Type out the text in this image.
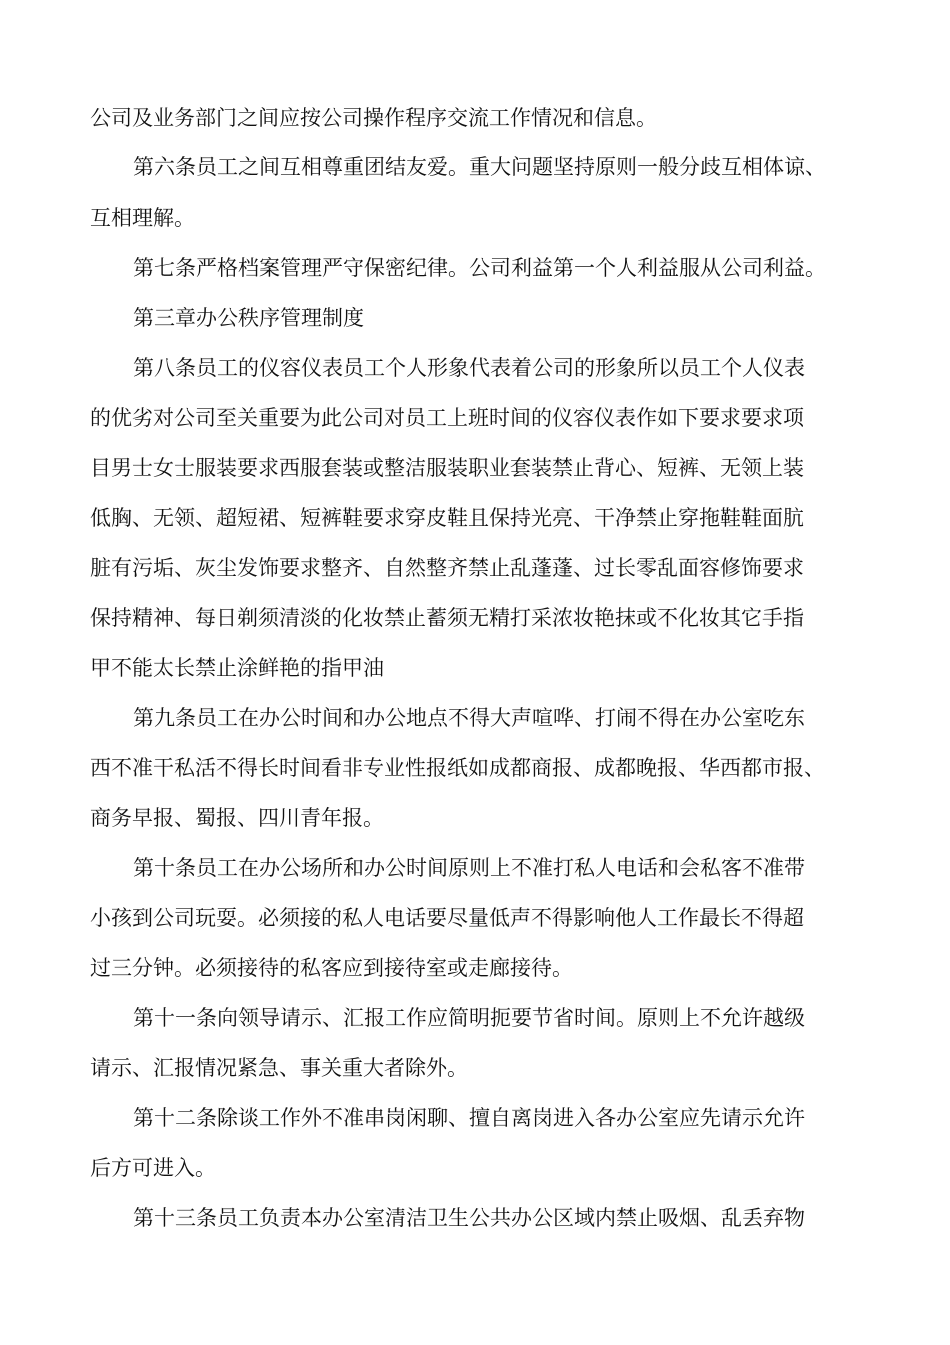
公司及业务部门之间应按公司操作程序交流工作情况和信息。
第六条员工之间互相尊重团结友爱。重大问题坚持原则一般分歧互相体谅、
互相理解。
第七条严格档案管理严守保密纪律。公司利益第一个人利益服从公司利益。
第三章办公秩序管理制度
第八条员工的仪容仪表员工个人形象代表着公司的形象所以员工个人仪表
的优劣对公司至关重要为此公司对员工上班时间的仪容仪表作如下要求要求项
目男士女士服装要求西服套装或整洁服装职业套装禁止背心、短裤、无领上装
低胸、无领、超短裙、短裤鞋要求穿皮鞋且保持光亮、干净禁止穿拖鞋鞋面肮
脏有污垢、灰尘发饰要求整齐、自然整齐禁止乱蓬蓬、过长零乱面容修饰要求
保持精神、每日剃须清淡的化妆禁止蓄须无精打采浓妆艳抹或不化妆其它手指
甲不能太长禁止涂鲜艳的指甲油
第九条员工在办公时间和办公地点不得大声喧哗、打闹不得在办公室吃东
西不准干私活不得长时间看非专业性报纸如成都商报、成都晚报、华西都市报、
商务早报、蜀报、四川青年报。
第十条员工在办公场所和办公时间原则上不准打私人电话和会私客不准带
小孩到公司玩耍。必须接的私人电话要尽量低声不得影响他人工作最长不得超
过三分钟。必须接待的私客应到接待室或走廊接待。
第十一条向领导请示、汇报工作应简明扼要节省时间。原则上不允许越级
请示、汇报情况紧急、事关重大者除外。
第十二条除谈工作外不准串岗闲聊、擅自离岗进入各办公室应先请示允许
后方可进入。
第十三条员工负责本办公室清洁卫生公共办公区域内禁止吸烟、乱丢弃物
